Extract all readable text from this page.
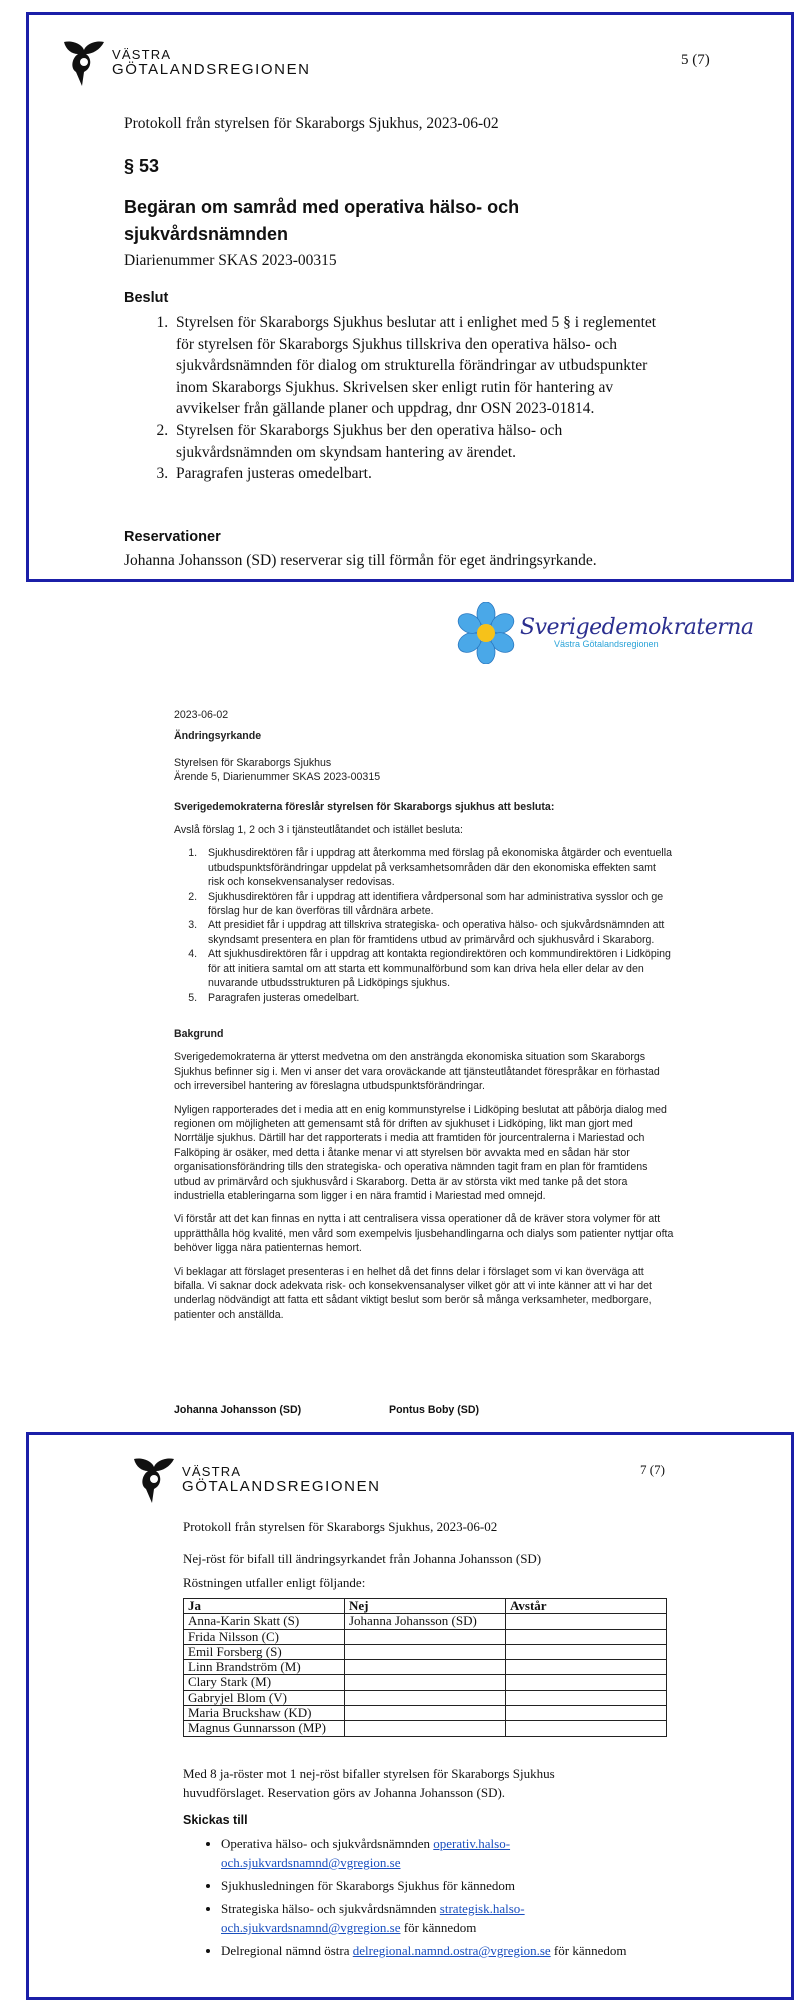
VÄSTRA
GÖTALANDSREGIONEN
5 (7)
Protokoll från styrelsen för Skaraborgs Sjukhus, 2023-06-02
§ 53
Begäran om samråd med operativa hälso- och sjukvårdsnämnden
Diarienummer SKAS 2023-00315
Beslut
1. Styrelsen för Skaraborgs Sjukhus beslutar att i enlighet med 5 § i reglementet för styrelsen för Skaraborgs Sjukhus tillskriva den operativa hälso- och sjukvårdsnämnden för dialog om strukturella förändringar av utbudspunkter inom Skaraborgs Sjukhus. Skrivelsen sker enligt rutin för hantering av avvikelser från gällande planer och uppdrag, dnr OSN 2023-01814.
2. Styrelsen för Skaraborgs Sjukhus ber den operativa hälso- och sjukvårdsnämnden om skyndsam hantering av ärendet.
3. Paragrafen justeras omedelbart.
Reservationer
Johanna Johansson (SD) reserverar sig till förmån för eget ändringsyrkande.
Sverigedemokraterna
Västra Götalandsregionen

2023-06-02

Ändringsyrkande

Styrelsen för Skaraborgs Sjukhus

Ärende 5, Diarienummer SKAS 2023-00315

Sverigedemokraterna föreslår styrelsen för Skaraborgs sjukhus att besluta:

Avslå förslag 1, 2 och 3 i tjänsteutlåtandet och istället besluta:

1. Sjukhusdirektören får i uppdrag att återkomma med förslag på ekonomiska åtgärder och eventuella utbudspunktsförändringar uppdelat på verksamhetsområden där den ekonomiska effekten samt risk och konsekvensanalyser redovisas.
2. Sjukhusdirektören får i uppdrag att identifiera vårdpersonal som har administrativa sysslor och ge förslag hur de kan överföras till vårdnära arbete.
3. Att presidiet får i uppdrag att tillskriva strategiska- och operativa hälso- och sjukvårdsnämnden att skyndsamt presentera en plan för framtidens utbud av primärvård och sjukhusvård i Skaraborg.
4. Att sjukhusdirektören får i uppdrag att kontakta regiondirektören och kommundirektören i Lidköping för att initiera samtal om att starta ett kommunalförbund som kan driva hela eller delar av den nuvarande utbudsstrukturen på Lidköpings sjukhus.
5. Paragrafen justeras omedelbart.

Bakgrund

Sverigedemokraterna är ytterst medvetna om den ansträngda ekonomiska situation som Skaraborgs Sjukhus befinner sig i. Men vi anser det vara oroväckande att tjänsteutlåtandet förespråkar en förhastad och irreversibel hantering av föreslagna utbudspunktsförändringar.

Nyligen rapporterades det i media att en enig kommunstyrelse i Lidköping beslutat att påbörja dialog med regionen om möjligheten att gemensamt stå för driften av sjukhuset i Lidköping, likt man gjort med Norrtälje sjukhus. Därtill har det rapporterats i media att framtiden för jourcentralerna i Mariestad och Falköping är osäker, med detta i åtanke menar vi att styrelsen bör avvakta med en sådan här stor organisationsförändring tills den strategiska- och operativa nämnden tagit fram en plan för framtidens utbud av primärvård och sjukhusvård i Skaraborg. Detta är av största vikt med tanke på det stora industriella etableringarna som ligger i en nära framtid i Mariestad med omnejd.

Vi förstår att det kan finnas en nytta i att centralisera vissa operationer då de kräver stora volymer för att upprätthålla hög kvalité, men vård som exempelvis ljusbehandlingarna och dialys som patienter nyttjar ofta behöver ligga nära patienternas hemort.

Vi beklagar att förslaget presenteras i en helhet då det finns delar i förslaget som vi kan överväga att bifalla. Vi saknar dock adekvata risk- och konsekvensanalyser vilket gör att vi inte känner att vi har det underlag nödvändigt att fatta ett sådant viktigt beslut som berör så många verksamheter, medborgare, patienter och anställda.

Johanna Johansson (SD)	Pontus Boby (SD)
VÄSTRA
GÖTALANDSREGIONEN
7 (7)
Protokoll från styrelsen för Skaraborgs Sjukhus, 2023-06-02
Nej-röst för bifall till ändringsyrkandet från Johanna Johansson (SD)
Röstningen utfaller enligt följande:
Ja	Nej	Avstår
Anna-Karin Skatt (S)	Johanna Johansson (SD)	
Frida Nilsson (C)		
Emil Forsberg (S)		
Linn Brandström (M)		
Clary Stark (M)		
Gabryjel Blom (V)		
Maria Bruckshaw (KD)		
Magnus Gunnarsson (MP)		
Med 8 ja-röster mot 1 nej-röst bifaller styrelsen för Skaraborgs Sjukhus huvudförslaget. Reservation görs av Johanna Johansson (SD).
Skickas till
• Operativa hälso- och sjukvårdsnämnden operativ.halso-och.sjukvardsnamnd@vgregion.se
• Sjukhusledningen för Skaraborgs Sjukhus för kännedom
• Strategiska hälso- och sjukvårdsnämnden strategisk.halso-och.sjukvardsnamnd@vgregion.se för kännedom
• Delregional nämnd östra delregional.namnd.ostra@vgregion.se för kännedom
